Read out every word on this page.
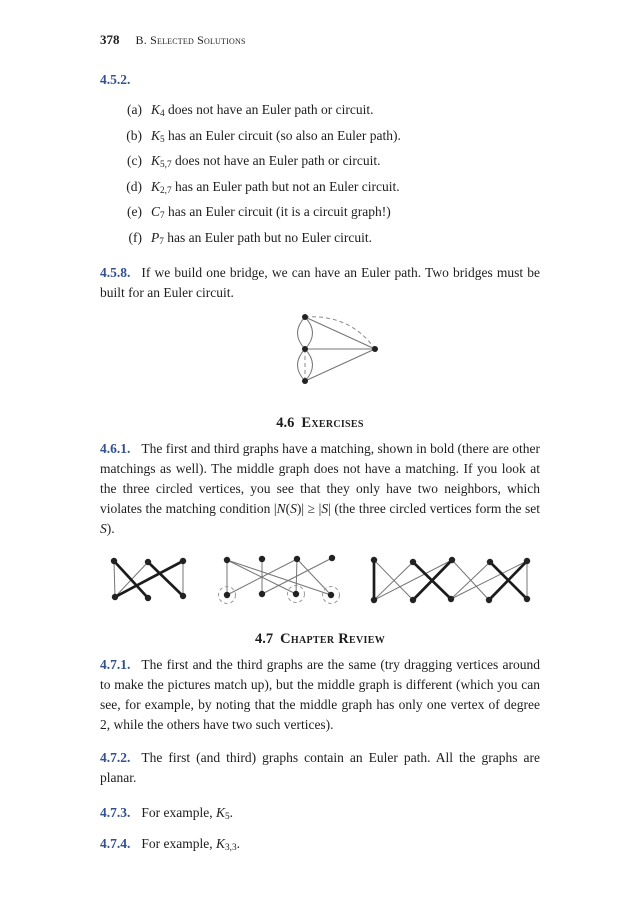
378 B. Selected Solutions

4.5.2.

(a) $K_4$ does not have an Euler path or circuit.
(b) $K_5$ has an Euler circuit (so also an Euler path).
(c) $K_{5,7}$ does not have an Euler path or circuit.
(d) $K_{2,7}$ has an Euler path but not an Euler circuit.
(e) $C_7$ has an Euler circuit (it is a circuit graph!)
(f) $P_7$ has an Euler path but no Euler circuit.

4.5.8. If we build one bridge, we can have an Euler path. Two bridges must be built for an Euler circuit.

4.6 Exercises

4.6.1. The first and third graphs have a matching, shown in bold (there are other matchings as well). The middle graph does not have a matching. If you look at the three circled vertices, you see that they only have two neighbors, which violates the matching condition |N(S)| ≥ |S| (the three circled vertices form the set S).

4.7 Chapter Review

4.7.1. The first and the third graphs are the same (try dragging vertices around to make the pictures match up), but the middle graph is different (which you can see, for example, by noting that the middle graph has only one vertex of degree 2, while the others have two such vertices).

4.7.2. The first (and third) graphs contain an Euler path. All the graphs are planar.

4.7.3. For example, $K_5$.

4.7.4. For example, $K_{3,3}$.
